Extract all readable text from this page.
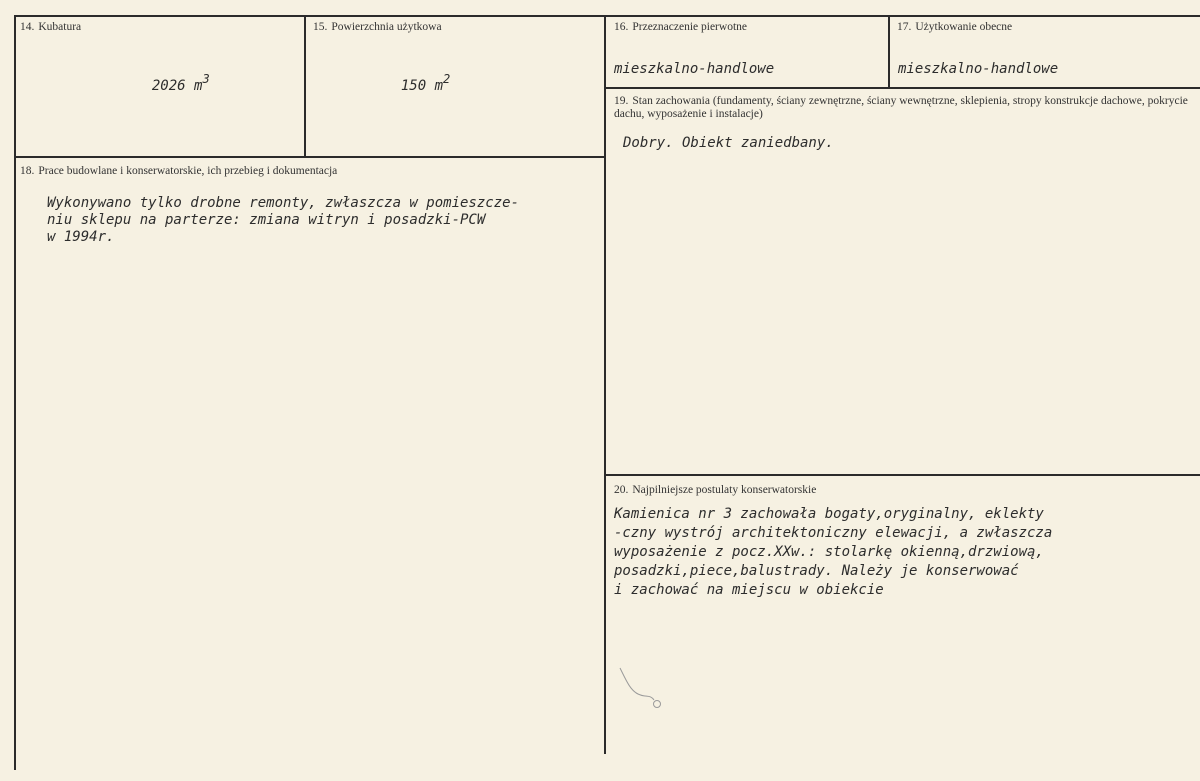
14. Kubatura

2026 $m^3$

15. Powierzchnia użytkowa

150 $m^2$

16. Przeznaczenie pierwotne
mieszkalno-handlowe
17. Użytkowanie obecne
mieszkalno-handlowe
18. Prace budowlane i konserwatorskie, ich przebieg i dokumentacja
Wykonywano tylko drobne remonty, zwłaszcza w pomieszcze-
niu sklepu na parterze: zmiana witryn i posadzki-PCW
w 1994r.
19. Stan zachowania (fundamenty, ściany zewnętrzne, ściany wewnętrzne, sklepienia, stropy konstrukcje dachowe, pokrycie dachu, wyposażenie i instalacje)
Dobry. Obiekt zaniedbany.
20. Najpilniejsze postulaty konserwatorskie
Kamienica nr 3 zachowała bogaty,oryginalny, eklekty
-czny wystrój architektoniczny elewacji, a zwłaszcza
wyposażenie z pocz.XXw.: stolarkę okienną,drzwiową,
posadzki,piece,balustrady. Należy je konserwować
i zachować na miejscu w obiekcie
